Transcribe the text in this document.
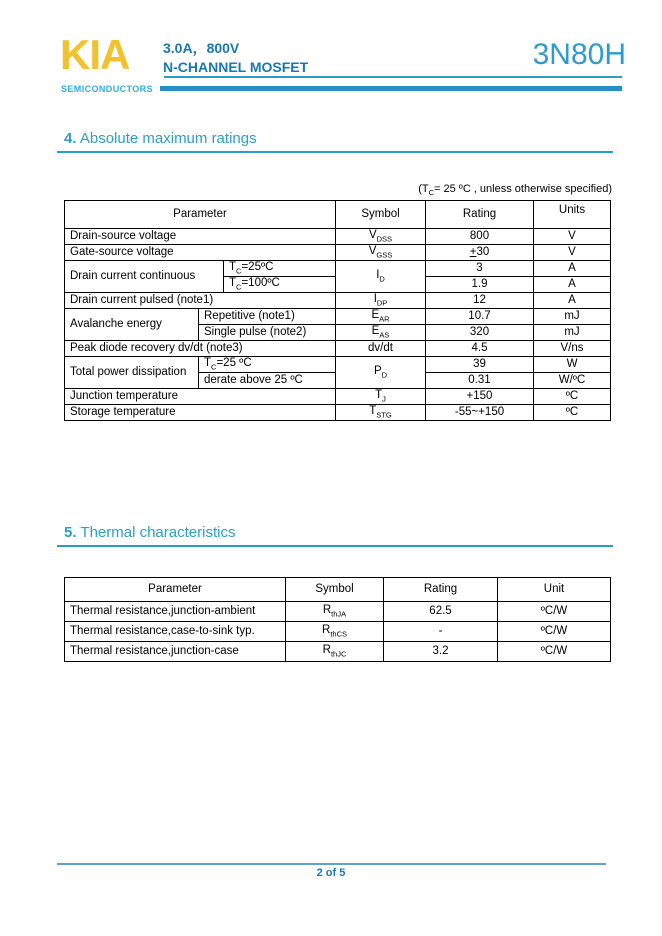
KIA
SEMICONDUCTORS
3.0A，800V
N-CHANNEL MOSFET	3N80H
4. Absolute maximum ratings
($T_C= 25$ ºC , unless otherwise specified)
Parameter			Symbol	Rating	Units
Drain-source voltage			$V_{DSS}$	800	V
Gate-source voltage			$V_{GSS}$	+30	V
Drain current continuous		$T_C=25ºC$	$I_D$	3	A
		$T_C=100ºC$		1.9	A
Drain current pulsed (note1)			$I_{DP}$	12	A
Avalanche energy	Repetitive (note1)		$E_{AR}$	10.7	mJ
	Single pulse (note2)		$E_{AS}$	320	mJ
Peak diode recovery dv/dt (note3)			dv/dt	4.5	V/ns
Total power dissipation	$T_C=25$ ºC		$P_D$	39	W
	derate above 25 ºC			0.31	W/ºC
Junction temperature			$T_J$	+150	ºC
Storage temperature			$T_{STG}$	-55~+150	ºC
5. Thermal characteristics
Parameter	Symbol	Rating	Unit
Thermal resistance,junction-ambient	$R_{thJA}$	62.5	ºC/W
Thermal resistance,case-to-sink typ.	$R_{thCS}$	-	ºC/W
Thermal resistance,junction-case	$R_{thJC}$	3.2	ºC/W
2 of 5
